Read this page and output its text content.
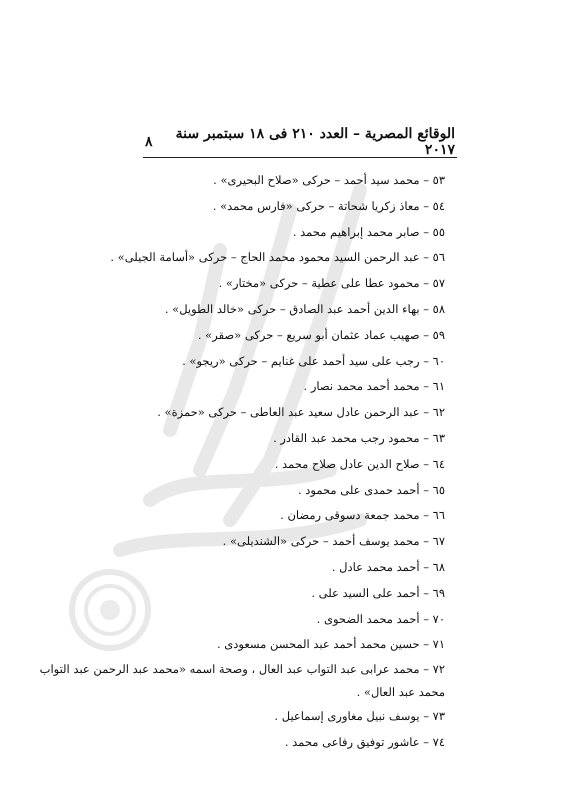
الوقائع المصرية – العدد ٢١٠ فى ١٨ سبتمبر سنة ٢٠١٧
٨
٥٣ – محمد سيد أحمد – حركى «صلاح البحيرى» .
٥٤ – معاذ زكريا شحاتة – حركى «فارس محمد» .
٥٥ – صابر محمد إبراهيم محمد .
٥٦ – عبد الرحمن السيد محمود محمد الحاج – حركى «أسامة الجيلى» .
٥٧ – محمود عطا على عطية – حركى «مختار» .
٥٨ – بهاء الدين أحمد عبد الصادق – حركى «خالد الطويل» .
٥٩ – صهيب عماد عثمان أبو سريع – حركى «صقر» .
٦٠ – رجب على سيد أحمد على غنايم – حركى «ريجو» .
٦١ – محمد أحمد محمد نصار .
٦٢ – عبد الرحمن عادل سعيد عبد العاطى – حركى «حمزة» .
٦٣ – محمود رجب محمد عبد القادر .
٦٤ – صلاح الدين عادل صلاح محمد .
٦٥ – أحمد حمدى على محمود .
٦٦ – محمد جمعة دسوقى رمضان .
٦٧ – محمد يوسف أحمد – حركى «الشنديلى» .
٦٨ – أحمد محمد عادل .
٦٩ – أحمد على السيد على .
٧٠ – أحمد محمد الضحوى .
٧١ – حسين محمد أحمد عبد المحسن مسعودى .
٧٢ – محمد عرابى عبد التواب عبد العال ، وصحة اسمه «محمد عبد الرحمن عبد التواب
محمد عبد العال» .
٧٣ – يوسف نبيل مغاورى إسماعيل .
٧٤ – عاشور توفيق رفاعى محمد .
